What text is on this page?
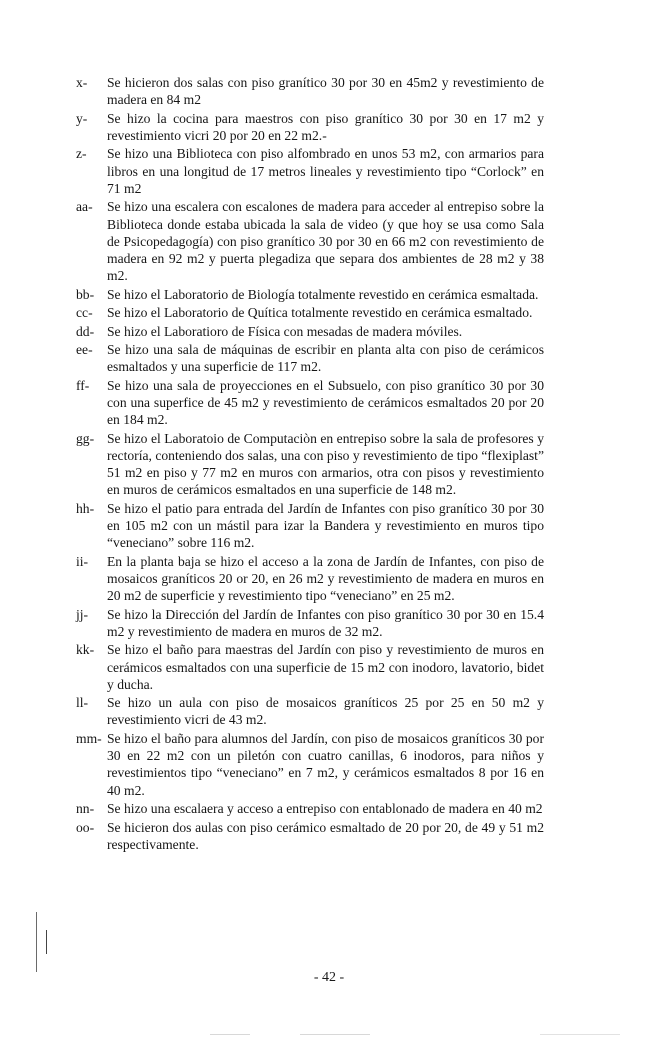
x-	Se hicieron dos salas con piso granítico 30 por 30 en 45m2 y revestimiento de madera en 84 m2
y-	Se hizo la cocina para maestros con piso granítico 30 por 30 en 17 m2 y revestimiento vicri 20 por 20 en 22 m2.-
z-	Se hizo una Biblioteca con piso alfombrado en unos 53 m2, con armarios para libros en una longitud de 17 metros lineales y revestimiento tipo “Corlock” en 71 m2
aa-	Se hizo una escalera con escalones de madera para acceder al entrepiso sobre la Biblioteca donde estaba ubicada la sala de video (y que hoy se usa como Sala de Psicopedagogía) con piso granítico 30 por 30 en 66 m2 con revestimiento de madera en 92 m2 y puerta plegadiza que separa dos ambientes de 28 m2 y 38 m2.
bb- Se hizo el Laboratorio de Biología totalmente revestido en cerámica esmaltada.
cc-	Se hizo el Laboratorio de Quítica totalmente revestido en cerámica esmaltado.
dd- Se hizo el Laboratioro de Física con mesadas de madera móviles.
ee-	Se hizo una sala de máquinas de escribir en planta alta con piso de cerámicos esmaltados y una superficie de 117 m2.
ff-	Se hizo una sala de proyecciones en el Subsuelo, con piso granítico 30 por 30 con una superfice de 45 m2 y revestimiento de cerámicos esmaltados 20 por 20 en 184 m2.
gg- Se hizo el Laboratoio de Computaciòn en entrepiso sobre la sala de profesores y rectoría, conteniendo dos salas, una con piso y revestimiento de tipo “flexiplast” 51 m2 en piso y 77 m2 en muros con armarios, otra con pisos y revestimiento en muros de cerámicos esmaltados en una superficie de 148 m2.
hh- Se hizo el patio para entrada del Jardín de Infantes con piso granítico 30 por 30 en 105 m2 con un mástil para izar la Bandera y revestimiento en muros tipo “veneciano” sobre 116 m2.
ii-	En la planta baja se hizo el acceso a la zona de Jardín de Infantes, con piso de mosaicos graníticos 20 or 20, en 26 m2 y revestimiento de madera en muros en 20 m2 de superficie y revestimiento tipo “veneciano” en 25 m2.
jj-	Se hizo la Dirección del Jardín de Infantes con piso granítico 30 por 30 en 15.4 m2 y revestimiento de madera en muros de 32 m2.
kk- Se hizo el baño para maestras del Jardín con piso y revestimiento de muros en cerámicos esmaltados con una superficie de 15 m2 con inodoro, lavatorio, bidet y ducha.
ll-	Se hizo un aula con piso de mosaicos graníticos 25 por 25 en 50 m2 y revestimiento vicri de 43 m2.
mm- Se hizo el baño para alumnos del Jardín, con piso de mosaicos graníticos 30 por 30 en 22 m2 con un piletón con cuatro canillas, 6 inodoros, para niños y revestimientos tipo “veneciano” en 7 m2, y cerámicos esmaltados 8 por 16 en 40 m2.
nn- Se hizo una escalaera y acceso a entrepiso con entablonado de madera en 40 m2
oo- Se hicieron dos aulas con piso cerámico esmaltado de 20 por 20, de 49 y 51 m2 respectivamente.
- 42 -
